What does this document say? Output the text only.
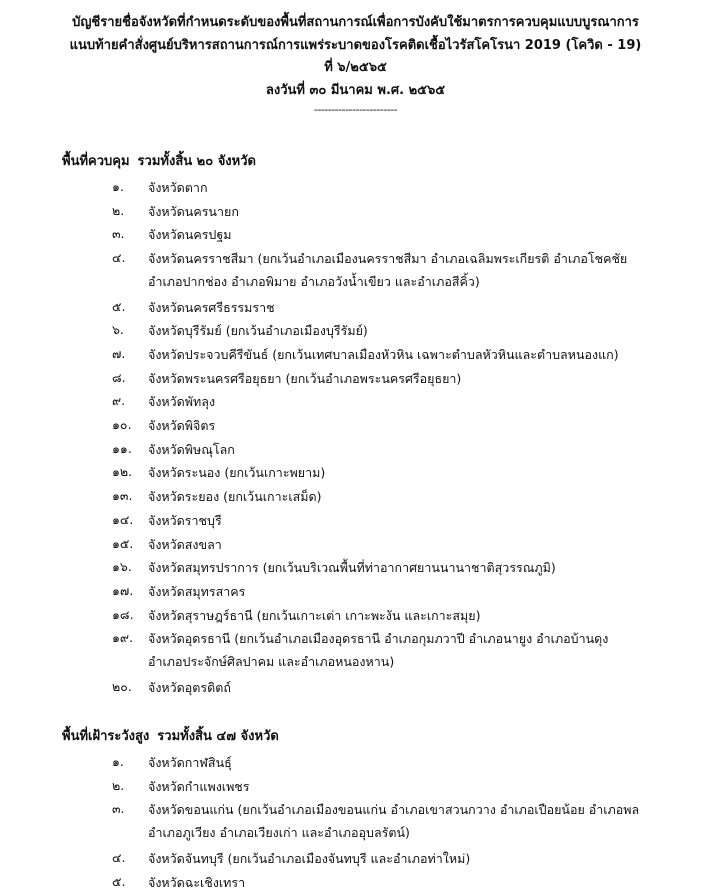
บัญชีรายชื่อจังหวัดที่กำหนดระดับของพื้นที่สถานการณ์เพื่อการบังคับใช้มาตรการควบคุมแบบบูรณาการ
แนบท้ายคำสั่งศูนย์บริหารสถานการณ์การแพร่ระบาดของโรคติดเชื้อไวรัสโคโรนา 2019 (โควิด - 19)
ที่ ๖/๒๕๖๕
ลงวันที่ ๓๐ มีนาคม พ.ศ. ๒๕๖๕
------------------------
พื้นที่ควบคุม รวมทั้งสิ้น ๒๐ จังหวัด
๑.	จังหวัดตาก
๒.	จังหวัดนครนายก
๓.	จังหวัดนครปฐม
๔.	จังหวัดนครราชสีมา (ยกเว้นอำเภอเมืองนครราชสีมา อำเภอเฉลิมพระเกียรติ อำเภอโชคชัย
อำเภอปากช่อง อำเภอพิมาย อำเภอวังน้ำเขียว และอำเภอสีคิ้ว)
๕.	จังหวัดนครศรีธรรมราช
๖.	จังหวัดบุรีรัมย์ (ยกเว้นอำเภอเมืองบุรีรัมย์)
๗.	จังหวัดประจวบคีรีขันธ์ (ยกเว้นเทศบาลเมืองหัวหิน เฉพาะตำบลหัวหินและตำบลหนองแก)
๘.	จังหวัดพระนครศรีอยุธยา (ยกเว้นอำเภอพระนครศรีอยุธยา)
๙.	จังหวัดพัทลุง
๑๐.	จังหวัดพิจิตร
๑๑.	จังหวัดพิษณุโลก
๑๒.	จังหวัดระนอง (ยกเว้นเกาะพยาม)
๑๓.	จังหวัดระยอง (ยกเว้นเกาะเสม็ด)
๑๔.	จังหวัดราชบุรี
๑๕.	จังหวัดสงขลา
๑๖.	จังหวัดสมุทรปราการ (ยกเว้นบริเวณพื้นที่ท่าอากาศยานนานาชาติสุวรรณภูมิ)
๑๗.	จังหวัดสมุทรสาคร
๑๘.	จังหวัดสุราษฎร์ธานี (ยกเว้นเกาะเต่า เกาะพะงัน และเกาะสมุย)
๑๙.	จังหวัดอุดรธานี (ยกเว้นอำเภอเมืองอุดรธานี อำเภอกุมภวาปี อำเภอนายูง อำเภอบ้านดุง
อำเภอประจักษ์ศิลปาคม และอำเภอหนองหาน)
๒๐.	จังหวัดอุตรดิตถ์
พื้นที่เฝ้าระวังสูง รวมทั้งสิ้น ๔๗ จังหวัด
๑.	จังหวัดกาฬสินธุ์
๒.	จังหวัดกำแพงเพชร
๓.	จังหวัดขอนแก่น (ยกเว้นอำเภอเมืองขอนแก่น อำเภอเขาสวนกวาง อำเภอเปือยน้อย อำเภอพล
อำเภอภูเวียง อำเภอเวียงเก่า และอำเภออุบลรัตน์)
๔.	จังหวัดจันทบุรี (ยกเว้นอำเภอเมืองจันทบุรี และอำเภอท่าใหม่)
๕.	จังหวัดฉะเชิงเทรา
